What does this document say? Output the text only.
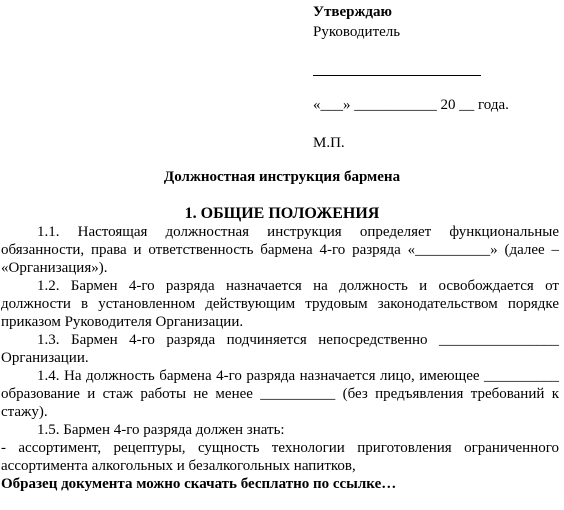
Утверждаю
Руководитель
«___» ___________ 20 __ года.
М.П.
Должностная инструкция бармена
1. ОБЩИЕ ПОЛОЖЕНИЯ

1.1. Настоящая должностная инструкция определяет функциональные обязанности, права и ответственность бармена 4-го разряда «__________» (далее – «Организация»).

1.2. Бармен 4-го разряда назначается на должность и освобождается от должности в установленном действующим трудовым законодательством порядке приказом Руководителя Организации.

1.3. Бармен 4-го разряда подчиняется непосредственно ________________ Организации.

1.4. На должность бармена 4-го разряда назначается лицо, имеющее __________ образование и стаж работы не менее __________ (без предъявления требований к стажу).

1.5. Бармен 4-го разряда должен знать:

- ассортимент, рецептуры, сущность технологии приготовления ограниченного ассортимента алкогольных и безалкогольных напитков,

Образец документа можно скачать бесплатно по ссылке…
